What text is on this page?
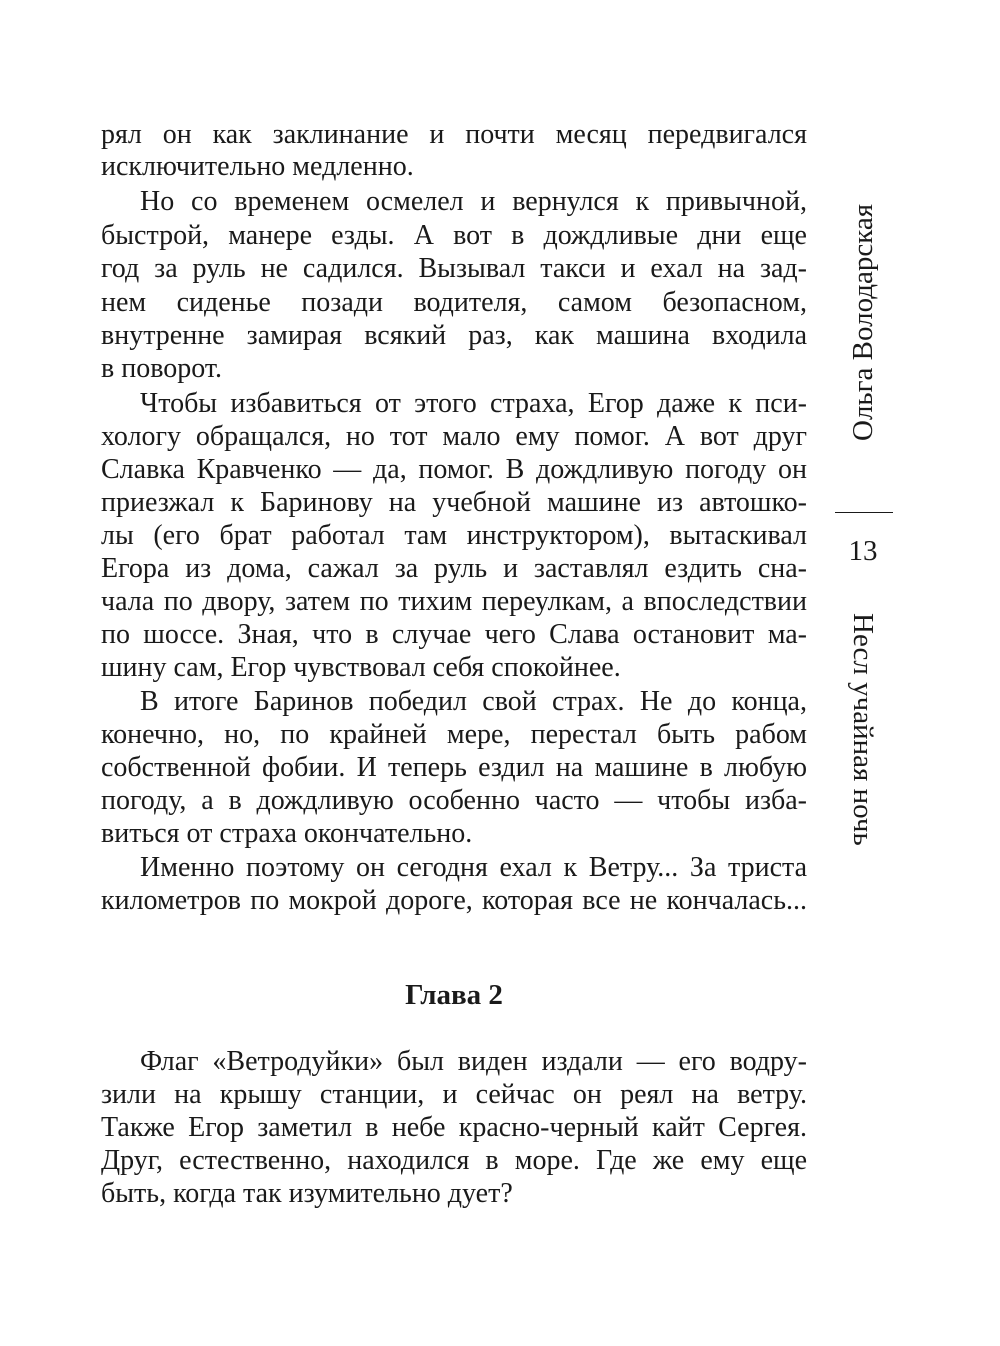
рял он как заклинание и почти месяц передвигался
исключительно медленно.
Но со временем осмелел и вернулся к привычной,
быстрой, манере езды. А вот в дождливые дни еще
год за руль не садился. Вызывал такси и ехал на зад-
нем сиденье позади водителя, самом безопасном,
внутренне замирая всякий раз, как машина входила
в поворот.
Чтобы избавиться от этого страха, Егор даже к пси-
хологу обращался, но тот мало ему помог. А вот друг
Славка Кравченко — да, помог. В дождливую погоду он
приезжал к Баринову на учебной машине из автошко-
лы (его брат работал там инструктором), вытаскивал
Егора из дома, сажал за руль и заставлял ездить сна-
чала по двору, затем по тихим переулкам, а впоследствии
по шоссе. Зная, что в случае чего Слава остановит ма-
шину сам, Егор чувствовал себя спокойнее.
В итоге Баринов победил свой страх. Не до конца,
конечно, но, по крайней мере, перестал быть рабом
собственной фобии. И теперь ездил на машине в любую
погоду, а в дождливую особенно часто — чтобы изба-
виться от страха окончательно.
Именно поэтому он сегодня ехал к Ветру... За триста
километров по мокрой дороге, которая все не кончалась...
Глава 2
Флаг «Ветродуйки» был виден издали — его водру-
зили на крышу станции, и сейчас он реял на ветру.
Также Егор заметил в небе красно-черный кайт Сергея.
Друг, естественно, находился в море. Где же ему еще
быть, когда так изумительно дует?
Ольга Володарская
13
Несл учайная ночь
